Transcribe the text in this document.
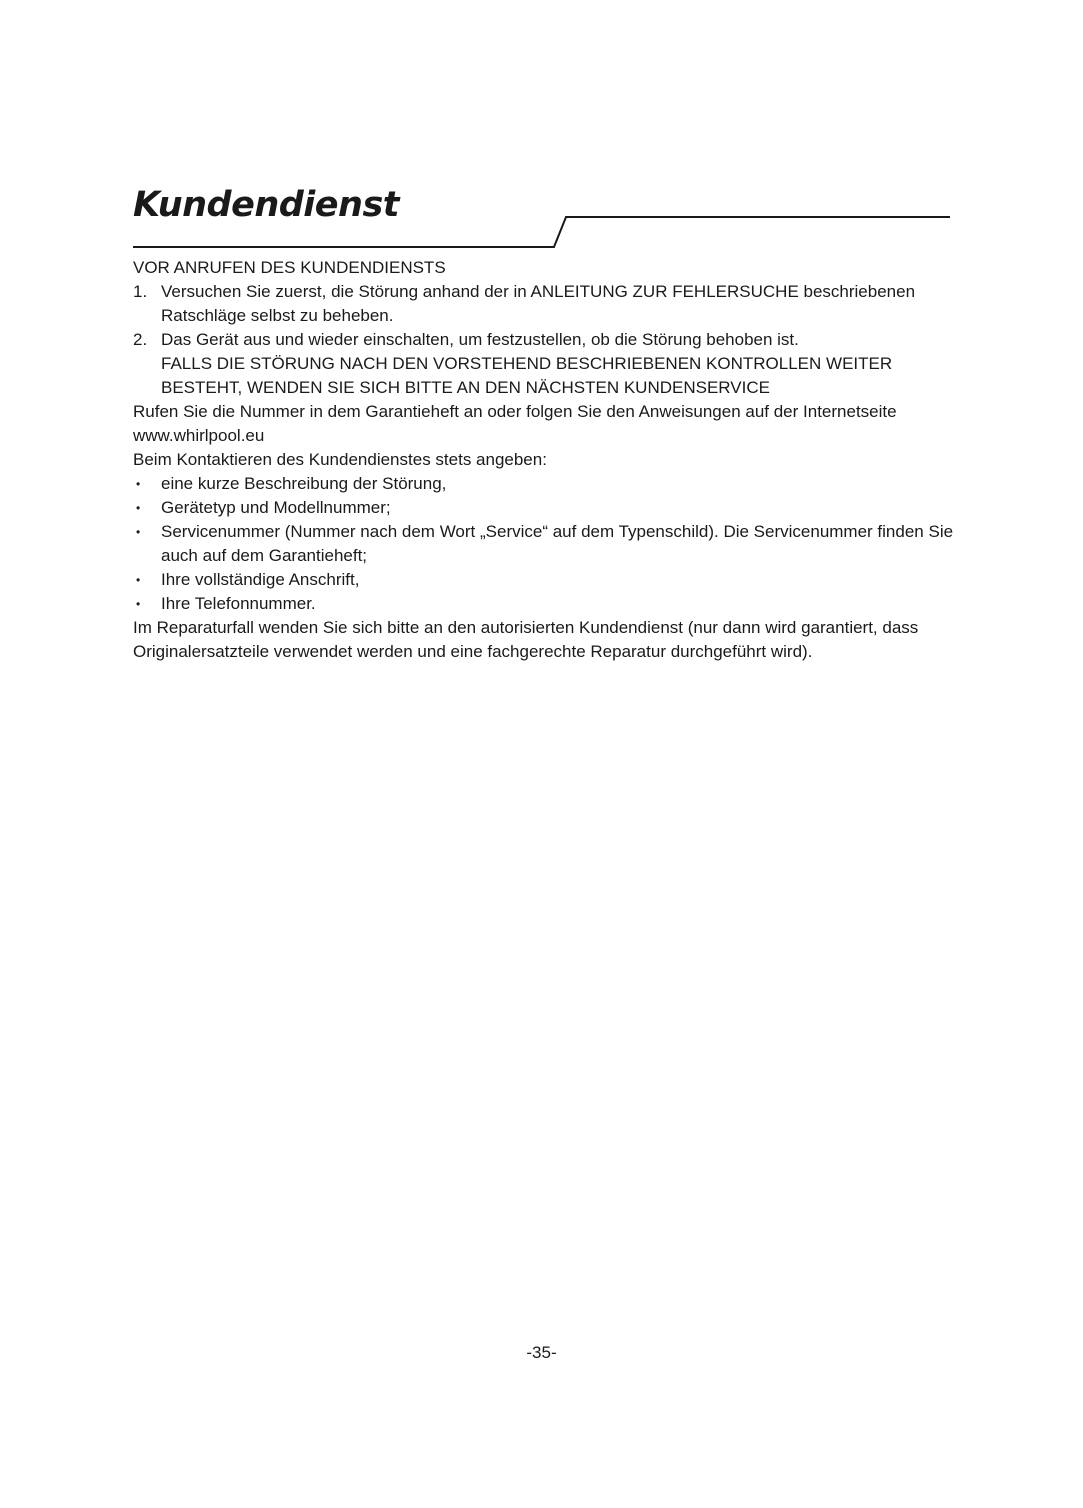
Kundendienst

VOR ANRUFEN DES KUNDENDIENSTS

1. Versuchen Sie zuerst, die Störung anhand der in ANLEITUNG ZUR FEHLERSUCHE beschriebenen Ratschläge selbst zu beheben.
2. Das Gerät aus und wieder einschalten, um festzustellen, ob die Störung behoben ist.
FALLS DIE STÖRUNG NACH DEN VORSTEHEND BESCHRIEBENEN KONTROLLEN WEITER BESTEHT, WENDEN SIE SICH BITTE AN DEN NÄCHSTEN KUNDENSERVICE

Rufen Sie die Nummer in dem Garantieheft an oder folgen Sie den Anweisungen auf der Internetseite www.whirlpool.eu

Beim Kontaktieren des Kundendienstes stets angeben:

• eine kurze Beschreibung der Störung,
• Gerätetyp und Modellnummer;
• Servicenummer (Nummer nach dem Wort „Service“ auf dem Typenschild). Die Servicenummer finden Sie auch auf dem Garantieheft;
• Ihre vollständige Anschrift,
• Ihre Telefonnummer.

Im Reparaturfall wenden Sie sich bitte an den autorisierten Kundendienst (nur dann wird garantiert, dass Originalersatzteile verwendet werden und eine fachgerechte Reparatur durchgeführt wird).

-35-
